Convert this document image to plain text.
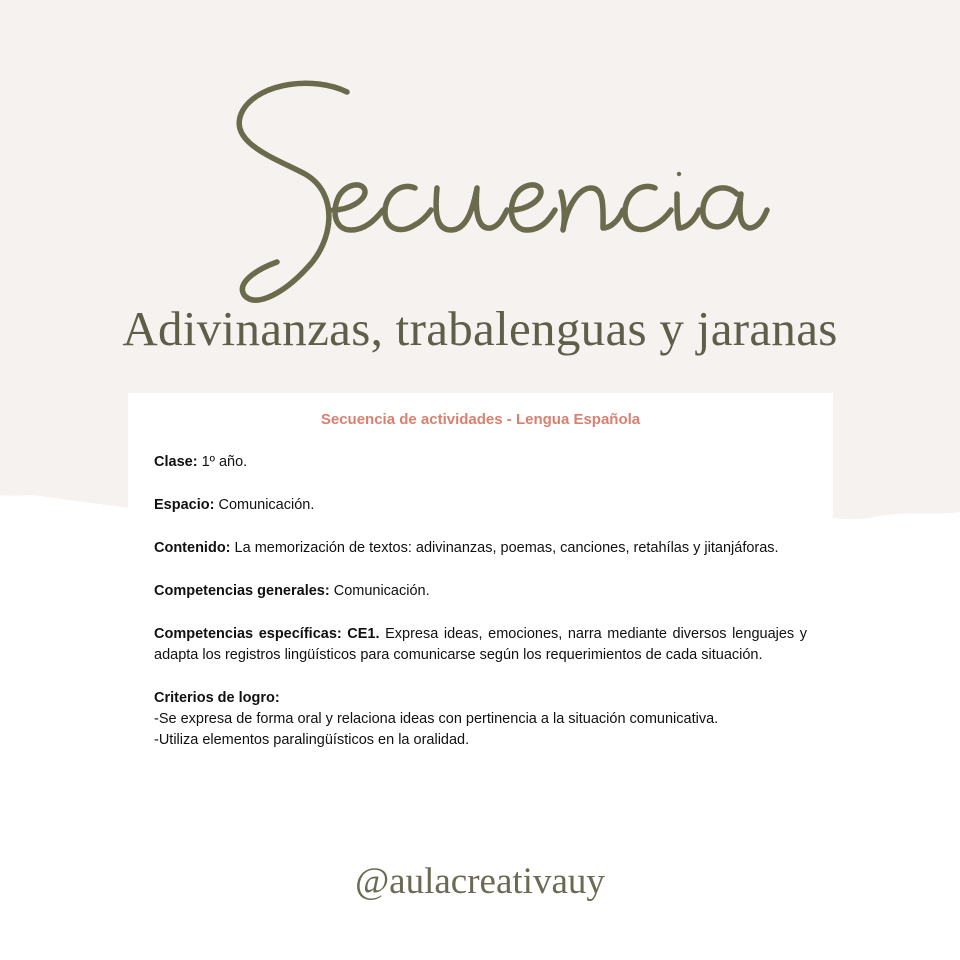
Adivinanzas, trabalenguas y jaranas
Secuencia de actividades - Lengua Española
Clase: 1º año.
Espacio: Comunicación.
Contenido: La memorización de textos: adivinanzas, poemas, canciones, retahílas y jitanjáforas.
Competencias generales: Comunicación.
Competencias específicas: CE1. Expresa ideas, emociones, narra mediante diversos lenguajes y adapta los registros lingüísticos para comunicarse según los requerimientos de cada situación.
Criterios de logro:
-Se expresa de forma oral y relaciona ideas con pertinencia a la situación comunicativa.
-Utiliza elementos paralingüísticos en la oralidad.
@aulacreativauy
